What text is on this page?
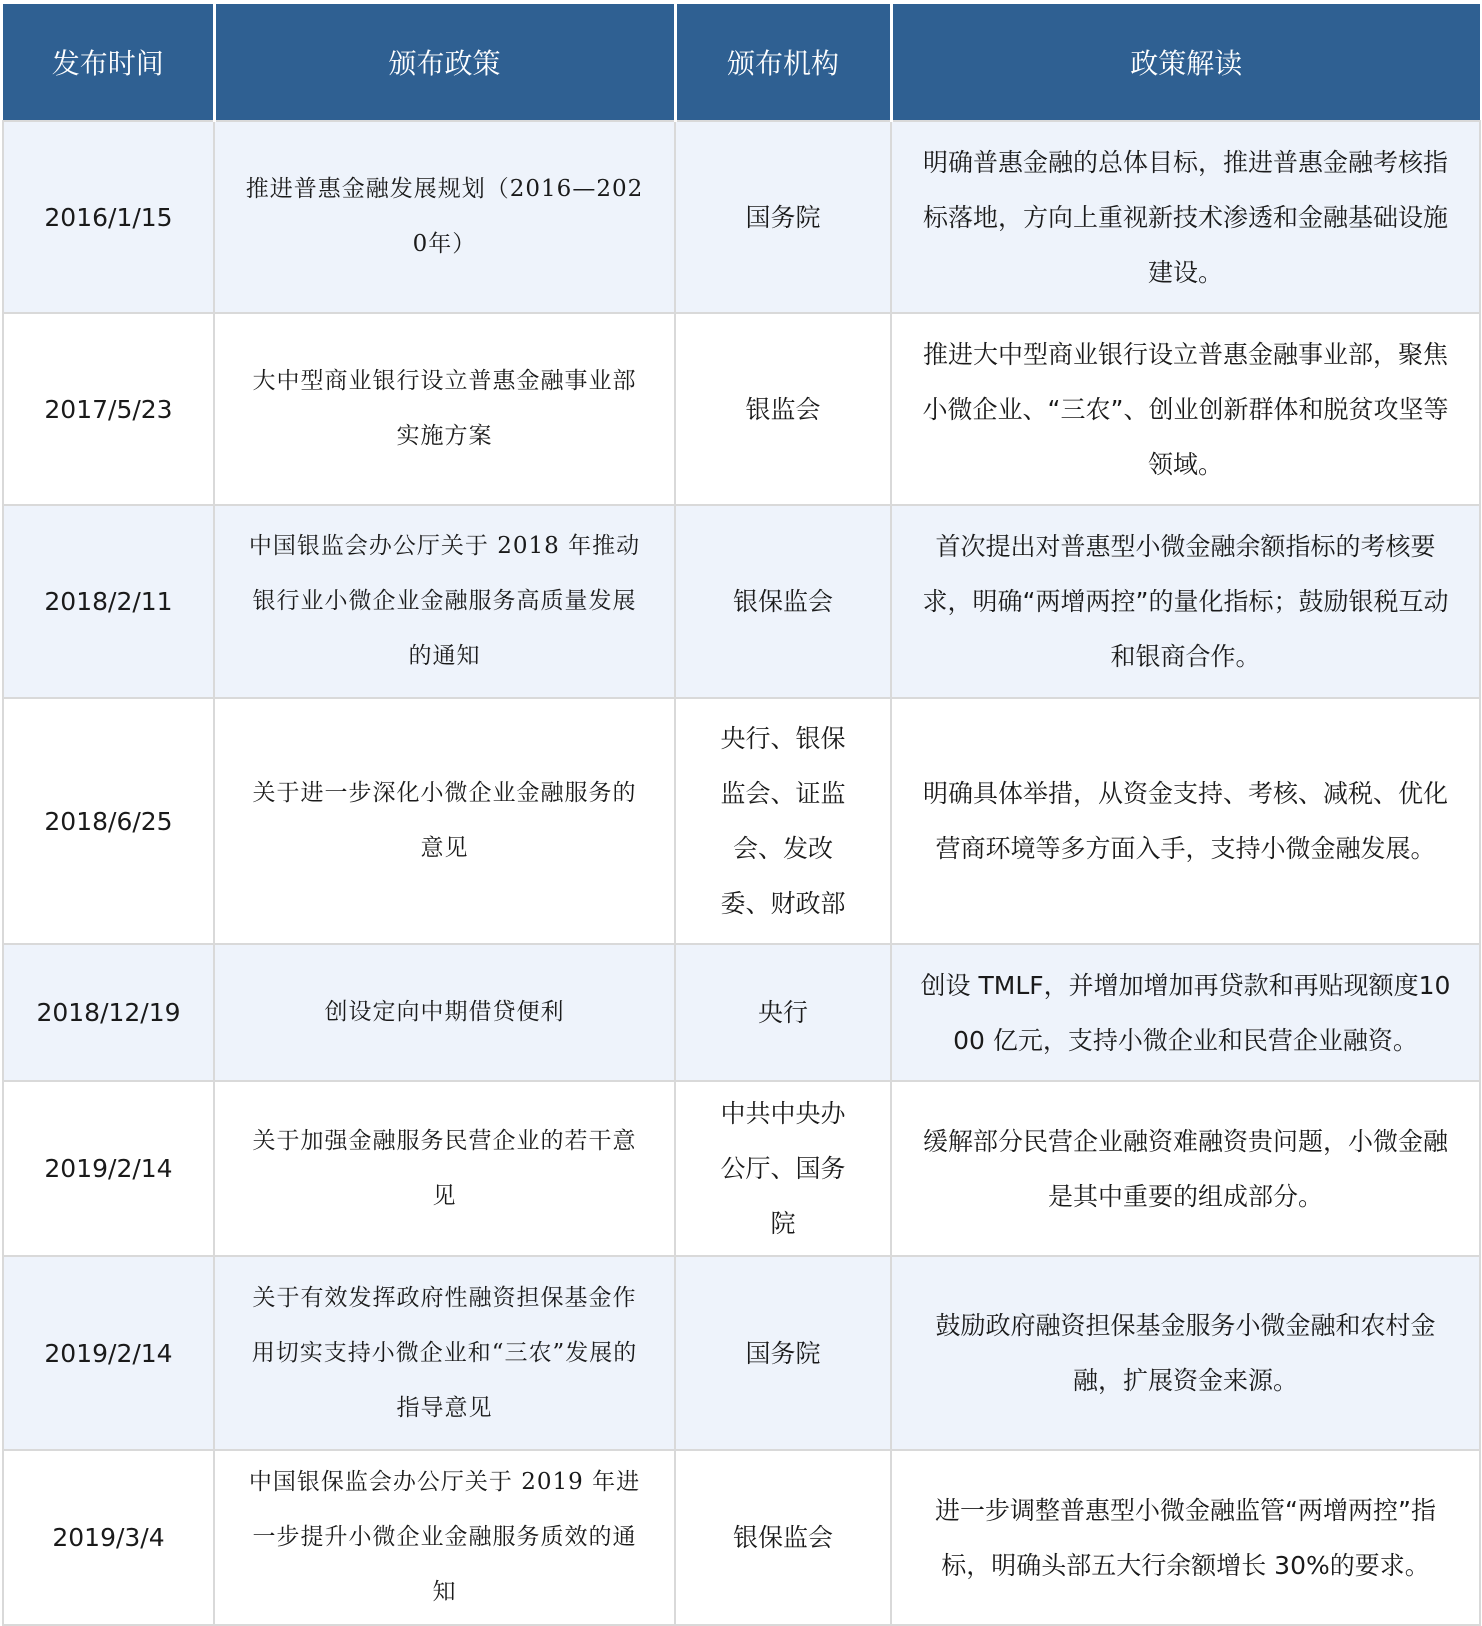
发布时间	颁布政策	颁布机构	政策解读
2016/1/15	推进普惠金融发展规划（2016—2020年）	国务院	明确普惠金融的总体目标，推进普惠金融考核指标落地，方向上重视新技术渗透和金融基础设施建设。
2017/5/23	大中型商业银行设立普惠金融事业部实施方案	银监会	推进大中型商业银行设立普惠金融事业部，聚焦小微企业、“三农”、创业创新群体和脱贫攻坚等领域。
2018/2/11	中国银监会办公厅关于 2018 年推动银行业小微企业金融服务高质量发展的通知	银保监会	首次提出对普惠型小微金融余额指标的考核要求，明确“两增两控”的量化指标；鼓励银税互动和银商合作。
2018/6/25	关于进一步深化小微企业金融服务的意见	央行、银保监会、证监会、发改委、财政部	明确具体举措，从资金支持、考核、减税、优化营商环境等多方面入手，支持小微金融发展。
2018/12/19	创设定向中期借贷便利	央行	创设 TMLF，并增加增加再贷款和再贴现额度1000 亿元，支持小微企业和民营企业融资。
2019/2/14	关于加强金融服务民营企业的若干意见	中共中央办公厅、国务院	缓解部分民营企业融资难融资贵问题，小微金融是其中重要的组成部分。
2019/2/14	关于有效发挥政府性融资担保基金作用切实支持小微企业和“三农”发展的指导意见	国务院	鼓励政府融资担保基金服务小微金融和农村金融，扩展资金来源。
2019/3/4	中国银保监会办公厅关于 2019 年进一步提升小微企业金融服务质效的通知	银保监会	进一步调整普惠型小微金融监管“两增两控”指标，明确头部五大行余额增长 30%的要求。
